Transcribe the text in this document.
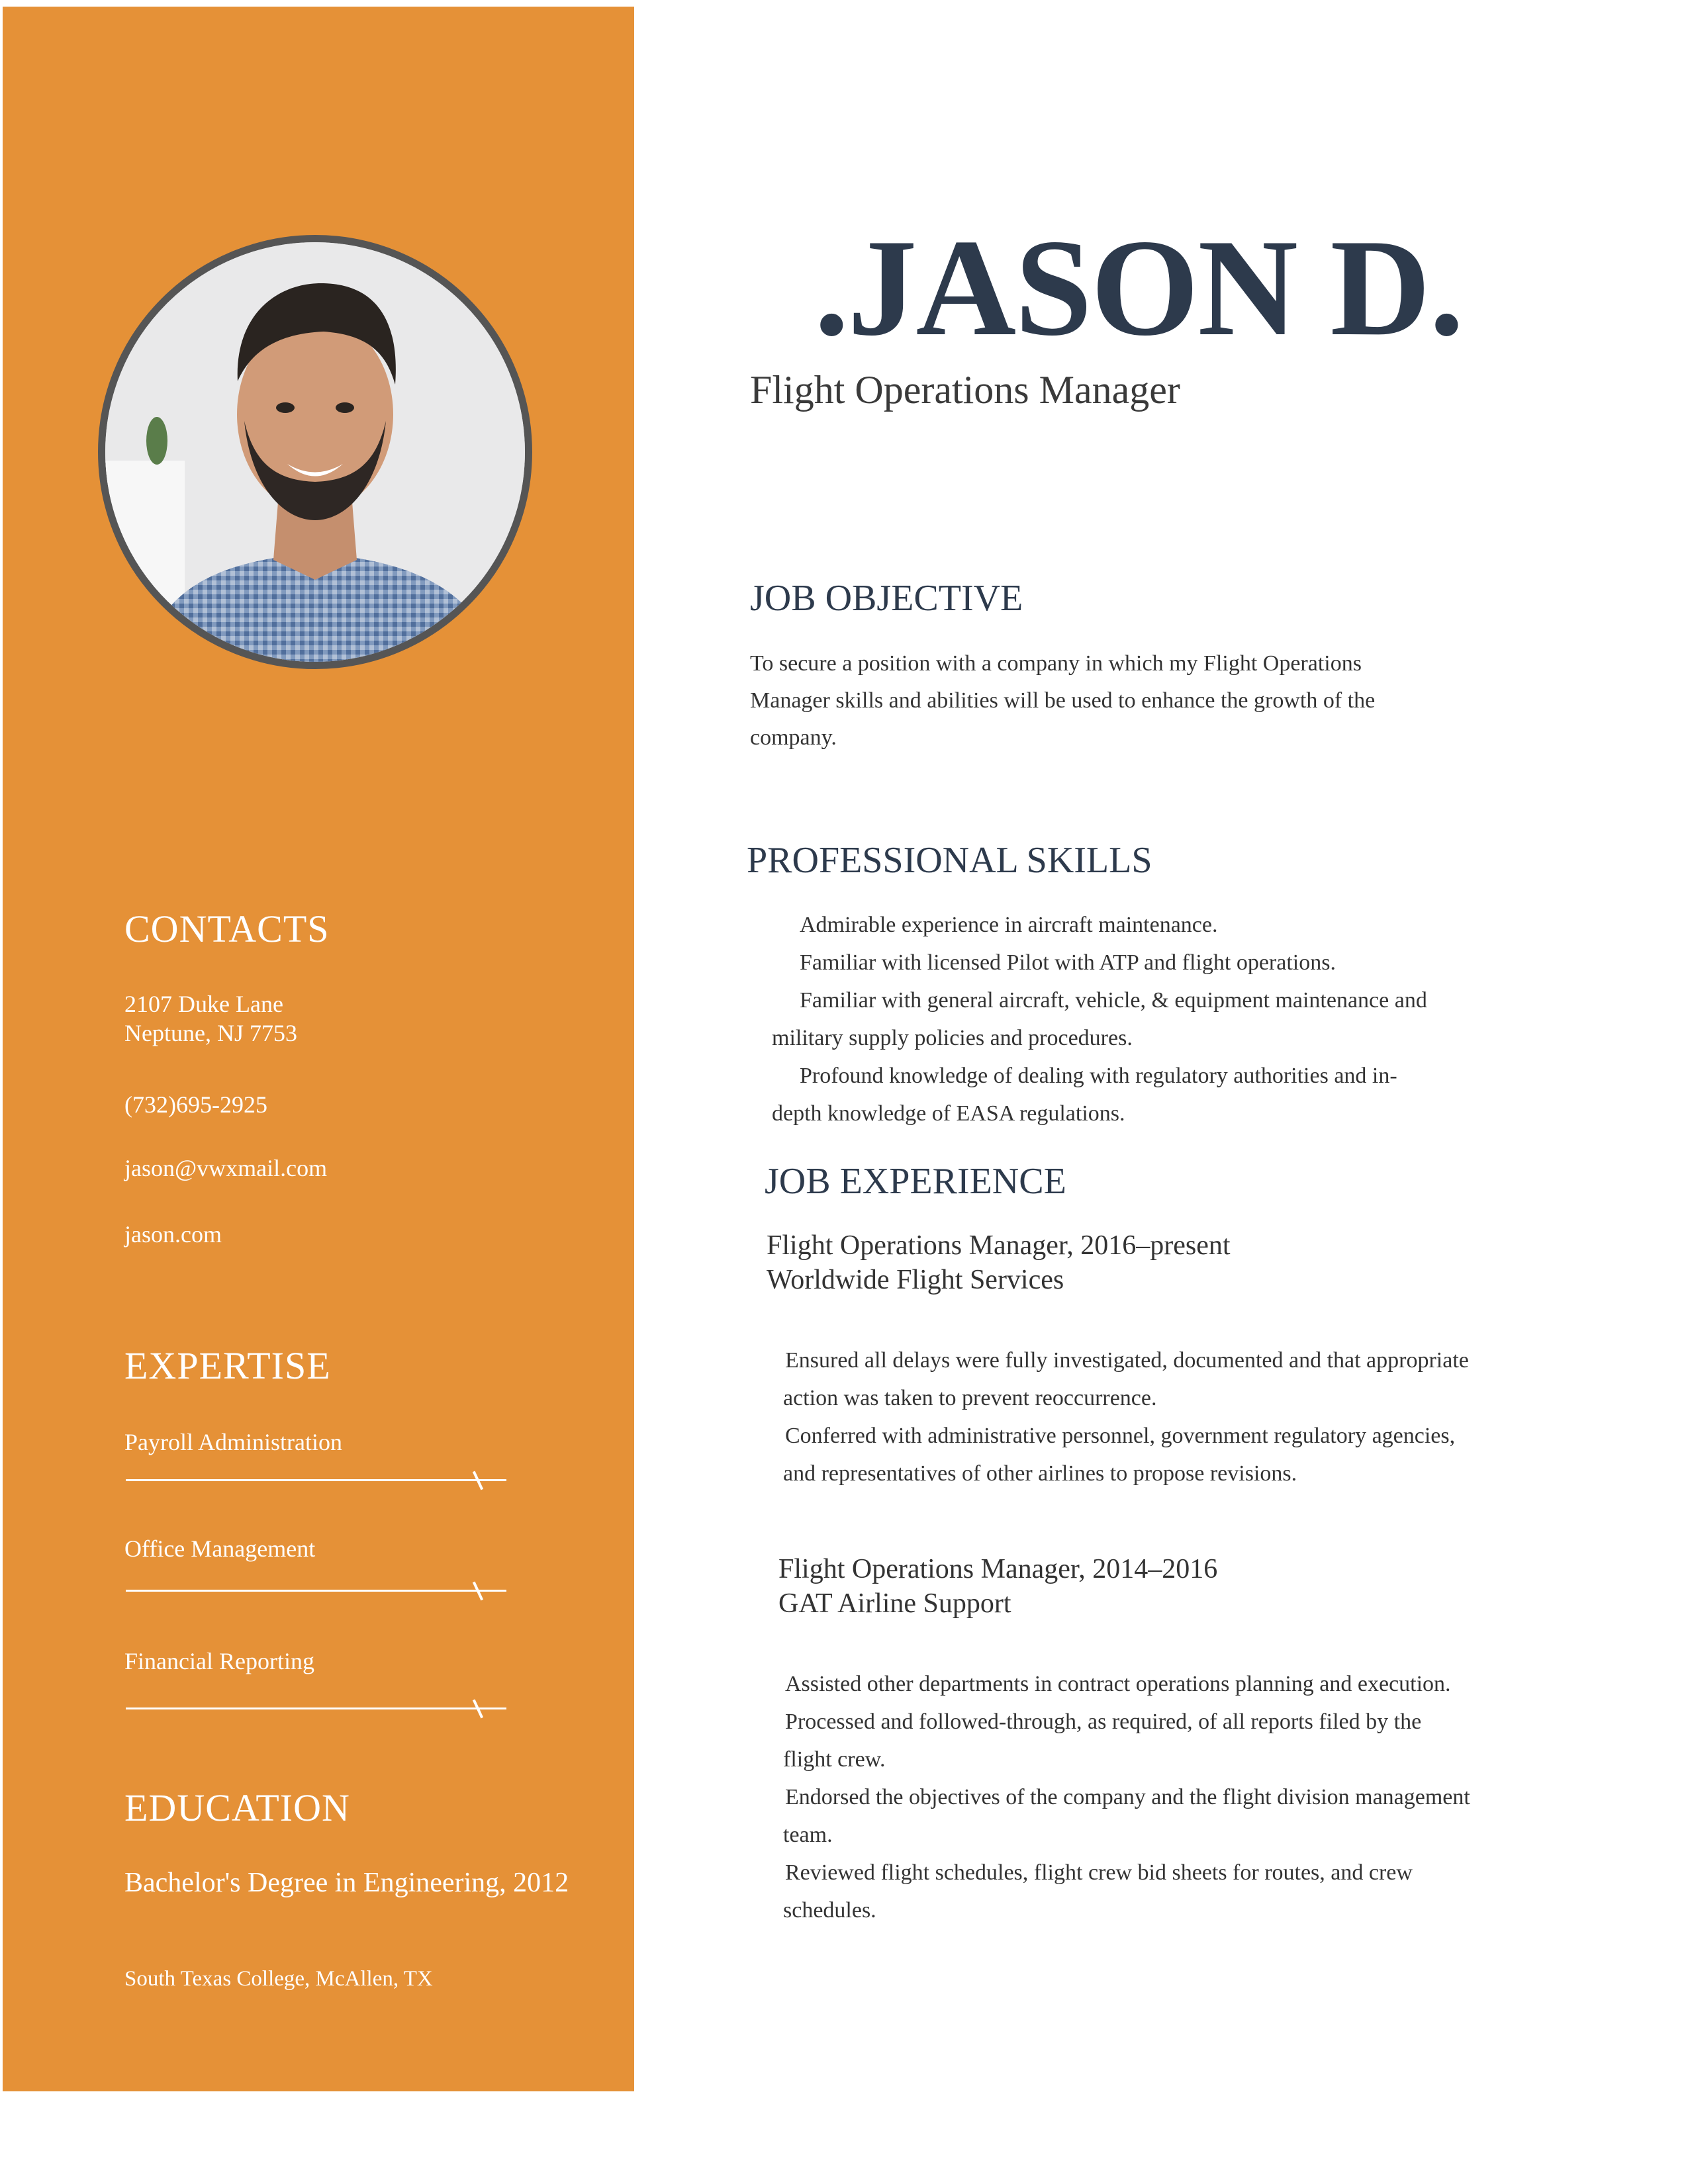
CONTACTS
2107 Duke Lane
Neptune, NJ 7753
(732)695-2925
jason@vwxmail.com
jason.com
EXPERTISE
Payroll Administration
Office Management
Financial Reporting
EDUCATION
Bachelor's Degree in Engineering, 2012
South Texas College, McAllen, TX
.JASON D.
Flight Operations Manager
JOB OBJECTIVE
To secure a position with a company in which my Flight Operations
Manager skills and abilities will be used to enhance the growth of the
company.
PROFESSIONAL SKILLS
Admirable experience in aircraft maintenance.
Familiar with licensed Pilot with ATP and flight operations.
Familiar with general aircraft, vehicle, & equipment maintenance and
military supply policies and procedures.
Profound knowledge of dealing with regulatory authorities and in-
depth knowledge of EASA regulations.
JOB EXPERIENCE
Flight Operations Manager, 2016–present
Worldwide Flight Services
Ensured all delays were fully investigated, documented and that appropriate
action was taken to prevent reoccurrence.
Conferred with administrative personnel, government regulatory agencies,
and representatives of other airlines to propose revisions.
Flight Operations Manager, 2014–2016
GAT Airline Support
Assisted other departments in contract operations planning and execution.
Processed and followed-through, as required, of all reports filed by the
flight crew.
Endorsed the objectives of the company and the flight division management
team.
Reviewed flight schedules, flight crew bid sheets for routes, and crew
schedules.
